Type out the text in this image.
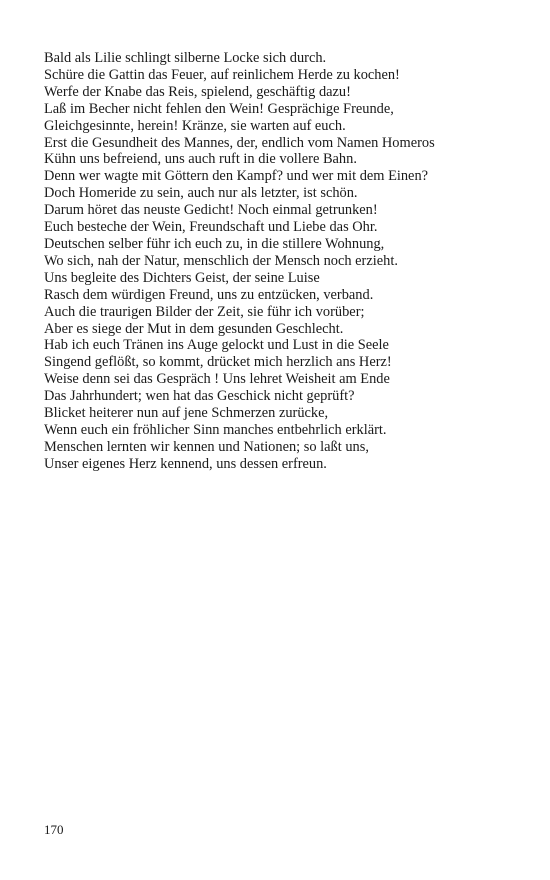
Bald als Lilie schlingt silberne Locke sich durch.
Schüre die Gattin das Feuer, auf reinlichem Herde zu kochen!
Werfe der Knabe das Reis, spielend, geschäftig dazu!
Laß im Becher nicht fehlen den Wein! Gesprächige Freunde,
Gleichgesinnte, herein! Kränze, sie warten auf euch.
Erst die Gesundheit des Mannes, der, endlich vom Namen Homeros
Kühn uns befreiend, uns auch ruft in die vollere Bahn.
Denn wer wagte mit Göttern den Kampf? und wer mit dem Einen?
Doch Homeride zu sein, auch nur als letzter, ist schön.
Darum höret das neuste Gedicht! Noch einmal getrunken!
Euch besteche der Wein, Freundschaft und Liebe das Ohr.
Deutschen selber führ ich euch zu, in die stillere Wohnung,
Wo sich, nah der Natur, menschlich der Mensch noch erzieht.
Uns begleite des Dichters Geist, der seine Luise
Rasch dem würdigen Freund, uns zu entzücken, verband.
Auch die traurigen Bilder der Zeit, sie führ ich vorüber;
Aber es siege der Mut in dem gesunden Geschlecht.
Hab ich euch Tränen ins Auge gelockt und Lust in die Seele
Singend geflößt, so kommt, drücket mich herzlich ans Herz!
Weise denn sei das Gespräch ! Uns lehret Weisheit am Ende
Das Jahrhundert; wen hat das Geschick nicht geprüft?
Blicket heiterer nun auf jene Schmerzen zurücke,
Wenn euch ein fröhlicher Sinn manches entbehrlich erklärt.
Menschen lernten wir kennen und Nationen; so laßt uns,
Unser eigenes Herz kennend, uns dessen erfreun.
170
